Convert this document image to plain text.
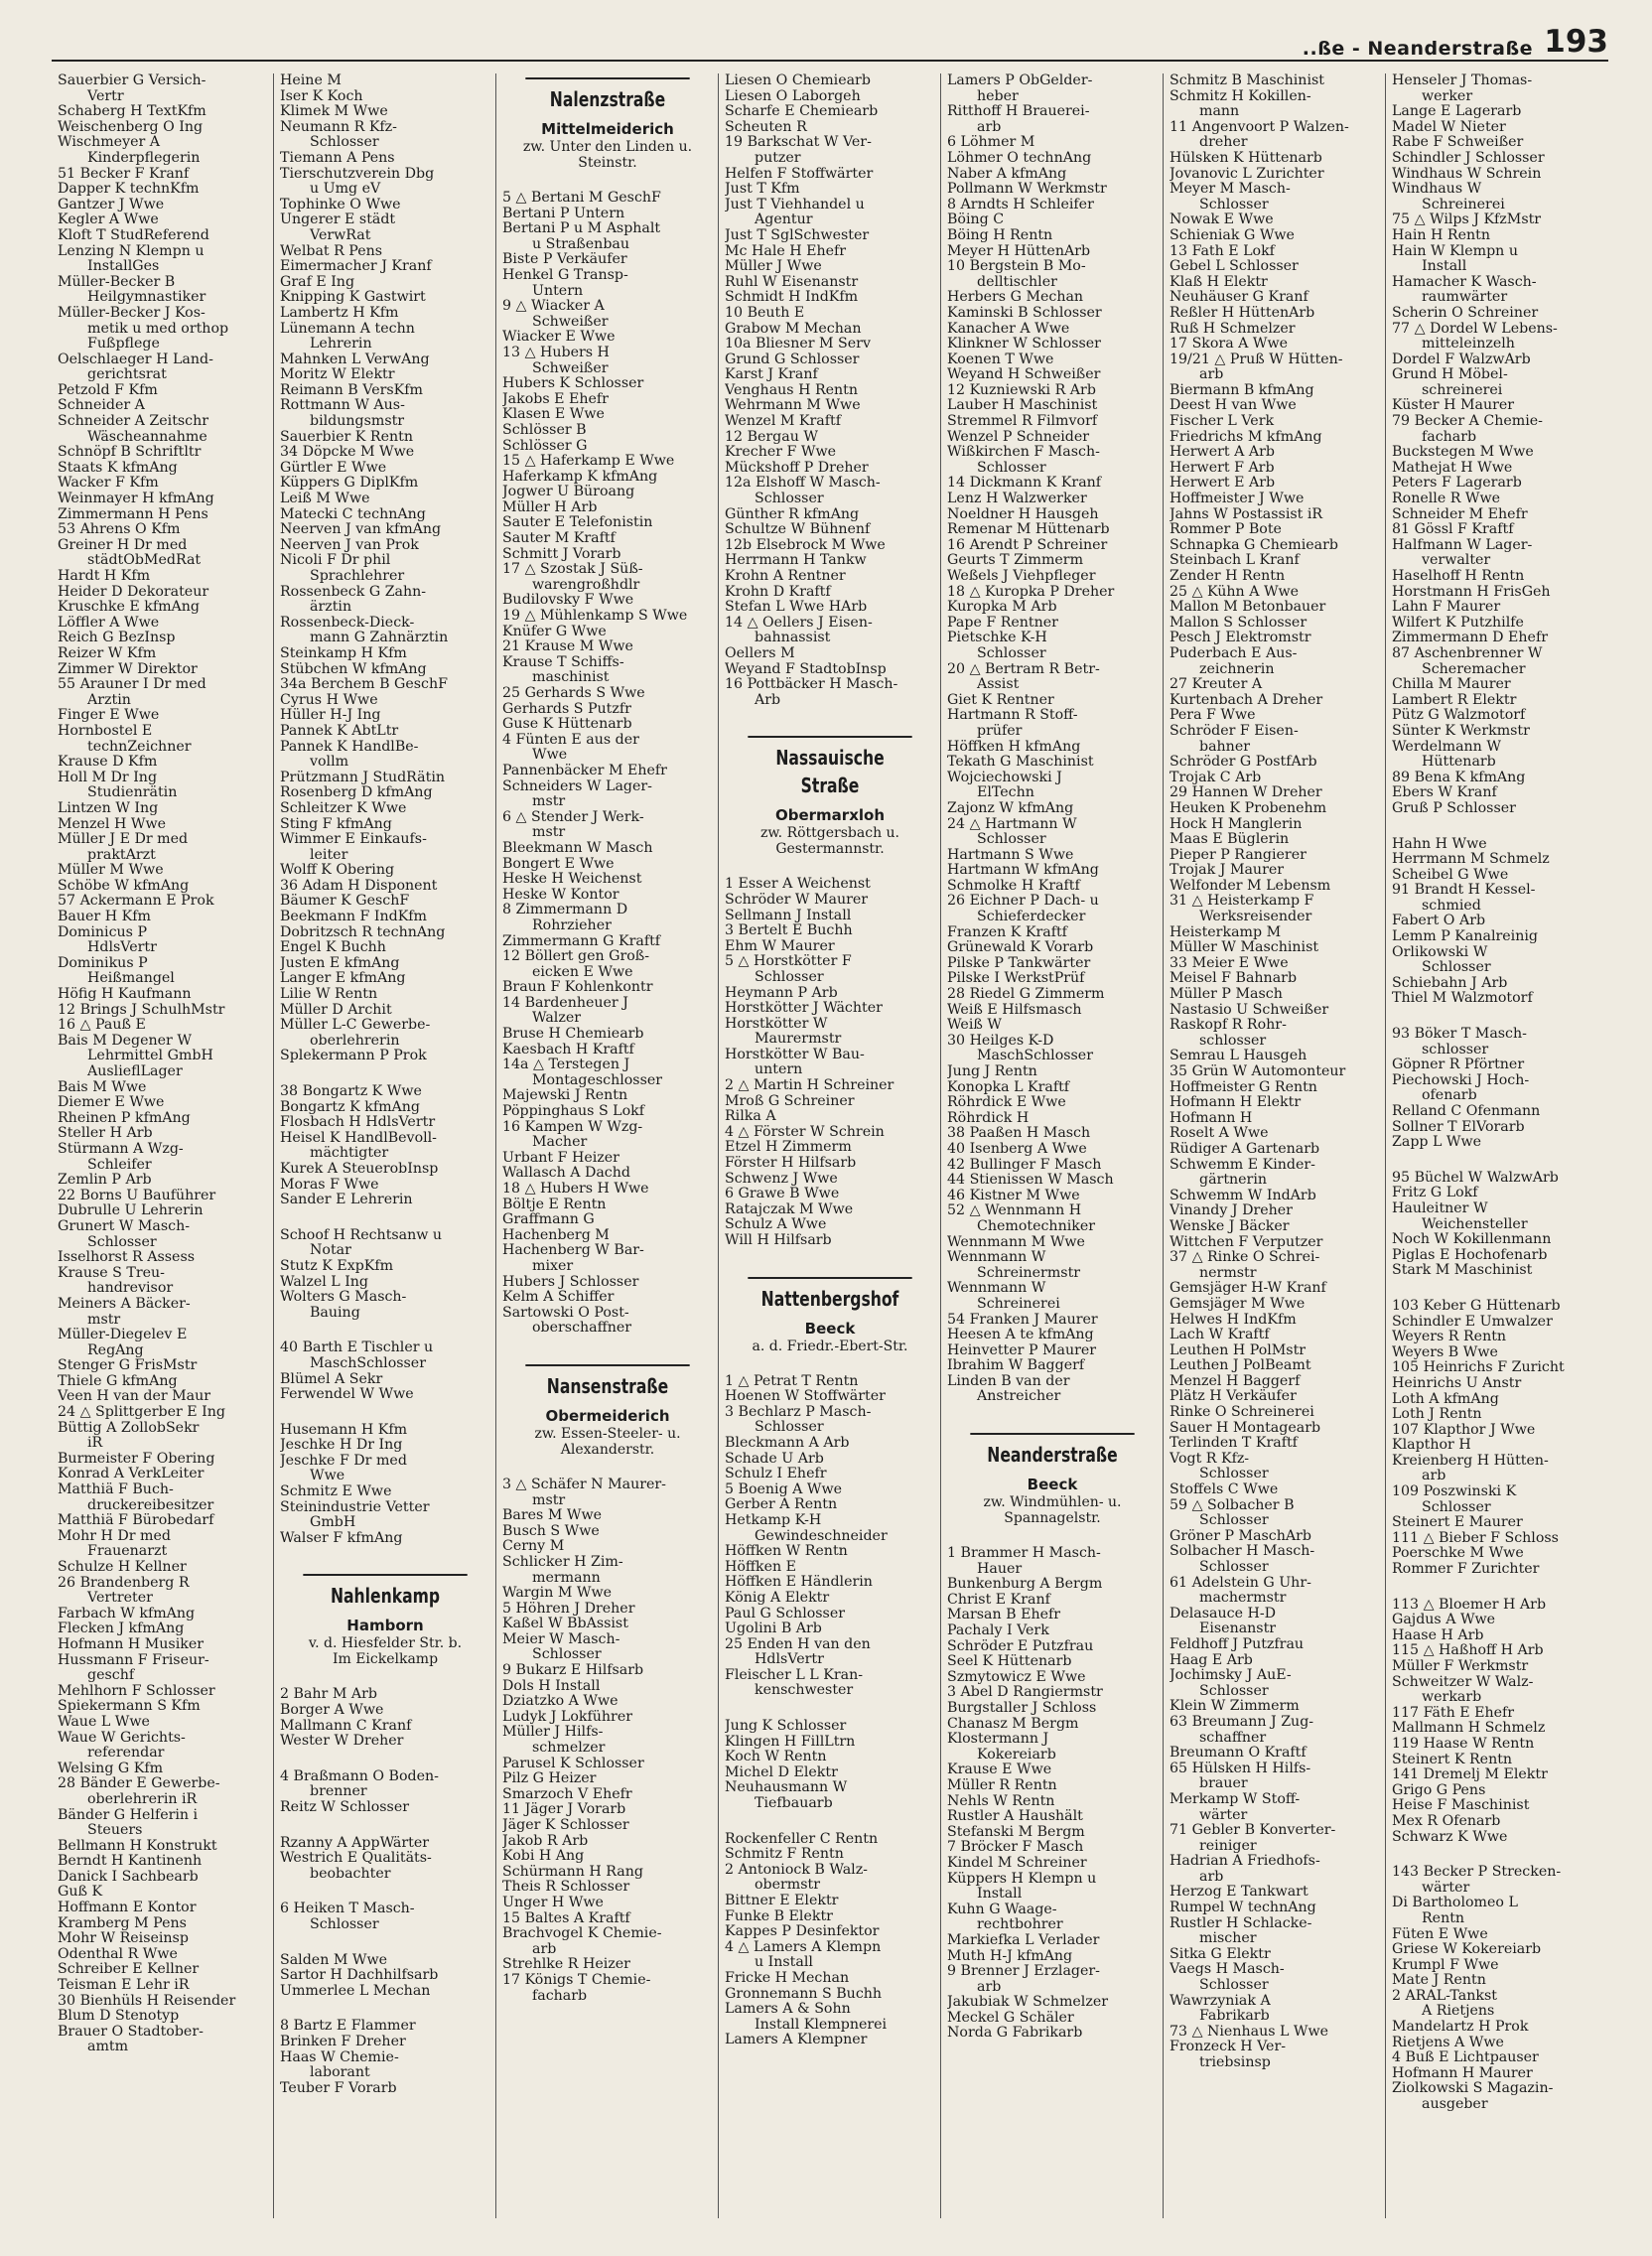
..ße - Neanderstraße 193
Sauerbier G Versich-
Vertr
Schaberg H TextKfm
Weischenberg O Ing
Wischmeyer A
Kinderpflegerin
51 Becker F Kranf
Dapper K technKfm
Gantzer J Wwe
Kegler A Wwe
Kloft T StudReferend
Lenzing N Klempn u
InstallGes
Müller-Becker B
Heilgymnastiker
Müller-Becker J Kos-
metik u med orthop
Fußpflege
Oelschlaeger H Land-
gerichtsrat
Petzold F Kfm
Schneider A
Schneider A Zeitschr
Wäscheannahme
Schnöpf B Schriftltr
Staats K kfmAng
Wacker F Kfm
Weinmayer H kfmAng
Zimmermann H Pens
53 Ahrens O Kfm
Greiner H Dr med
städtObMedRat
Hardt H Kfm
Heider D Dekorateur
Kruschke E kfmAng
Löffler A Wwe
Reich G BezInsp
Reizer W Kfm
Zimmer W Direktor
55 Arauner I Dr med
Ärztin
Finger E Wwe
Hornbostel E
technZeichner
Krause D Kfm
Holl M Dr Ing
Studienrätin
Lintzen W Ing
Menzel H Wwe
Müller J E Dr med
praktArzt
Müller M Wwe
Schöbe W kfmAng
57 Ackermann E Prok
Bauer H Kfm
Dominicus P
HdlsVertr
Dominikus P
Heißmangel
Höfig H Kaufmann
12 Brings J SchulhMstr
16 △ Pauß E
Bais M Degener W
Lehrmittel GmbH
AuslieflLager
Bais M Wwe
Diemer E Wwe
Rheinen P kfmAng
Steller H Arb
Stürmann A Wzg-
Schleifer
Zemlin P Arb
22 Borns U Bauführer
Dubrulle U Lehrerin
Grunert W Masch-
Schlosser
Isselhorst R Assess
Krause S Treu-
handrevisor
Meiners A Bäcker-
mstr
Müller-Diegelev E
RegAng
Stenger G FrisMstr
Thiele G kfmAng
Veen H van der Maur
24 △ Splittgerber E Ing
Büttig A ZollobSekr
iR
Burmeister F Obering
Konrad A VerkLeiter
Matthiä F Buch-
druckereibesitzer
Matthiä F Bürobedarf
Mohr H Dr med
Frauenarzt
Schulze H Kellner
26 Brandenberg R
Vertreter
Farbach W kfmAng
Flecken J kfmAng
Hofmann H Musiker
Hussmann F Friseur-
geschf
Mehlhorn F Schlosser
Spiekermann S Kfm
Waue L Wwe
Waue W Gerichts-
referendar
Welsing G Kfm
28 Bänder E Gewerbe-
oberlehrerin iR
Bänder G Helferin i
Steuers
Bellmann H Konstrukt
Berndt H Kantinenh
Danick I Sachbearb
Guß K
Hoffmann E Kontor
Kramberg M Pens
Mohr W Reiseinsp
Odenthal R Wwe
Schreiber E Kellner
Teisman E Lehr iR
30 Bienhüls H Reisender
Blum D Stenotyp
Brauer O Stadtober-
amtm
Heine M
Iser K Koch
Klimek M Wwe
Neumann R Kfz-
Schlosser
Tiemann A Pens
Tierschutzverein Dbg
u Umg eV
Tophinke O Wwe
Ungerer E städt
VerwRat
Welbat R Pens
Eimermacher J Kranf
Graf E Ing
Knipping K Gastwirt
Lambertz H Kfm
Lünemann A techn
Lehrerin
Mahnken L VerwAng
Moritz W Elektr
Reimann B VersKfm
Rottmann W Aus-
bildungsmstr
Sauerbier K Rentn
34 Döpcke M Wwe
Gürtler E Wwe
Küppers G DiplKfm
Leiß M Wwe
Matecki C technAng
Neerven J van kfmAng
Neerven J van Prok
Nicoli F Dr phil
Sprachlehrer
Rossenbeck G Zahn-
ärztin
Rossenbeck-Dieck-
mann G Zahnärztin
Steinkamp H Kfm
Stübchen W kfmAng
34a Berchem B GeschF
Cyrus H Wwe
Hüller H-J Ing
Pannek K AbtLtr
Pannek K HandlBe-
vollm
Prützmann J StudRätin
Rosenberg D kfmAng
Schleitzer K Wwe
Sting F kfmAng
Wimmer E Einkaufs-
leiter
Wolff K Obering
36 Adam H Disponent
Bäumer K GeschF
Beekmann F IndKfm
Dobritzsch R technAng
Engel K Buchh
Justen E kfmAng
Langer E kfmAng
Lilie W Rentn
Müller D Archit
Müller L-C Gewerbe-
oberlehrerin
Splekermann P Prok
38 Bongartz K Wwe
Bongartz K kfmAng
Flosbach H HdlsVertr
Heisel K HandlBevoll-
mächtigter
Kurek A SteuerobInsp
Moras F Wwe
Sander E Lehrerin
Schoof H Rechtsanw u
Notar
Stutz K ExpKfm
Walzel L Ing
Wolters G Masch-
Bauing
40 Barth E Tischler u
MaschSchlosser
Blümel A Sekr
Ferwendel W Wwe
Husemann H Kfm
Jeschke H Dr Ing
Jeschke F Dr med
Wwe
Schmitz E Wwe
Steinindustrie Vetter
GmbH
Walser F kfmAng
Nahlenkamp
Hamborn
v. d. Hiesfelder Str. b.
Im Eickelkamp
2 Bahr M Arb
Borger A Wwe
Mallmann C Kranf
Wester W Dreher
4 Braßmann O Boden-
brenner
Reitz W Schlosser
Rzanny A AppWärter
Westrich E Qualitäts-
beobachter
6 Heiken T Masch-
Schlosser
Salden M Wwe
Sartor H Dachhilfsarb
Ummerlee L Mechan
8 Bartz E Flammer
Brinken F Dreher
Haas W Chemie-
laborant
Teuber F Vorarb
Nalenzstraße
Mittelmeiderich
zw. Unter den Linden u.
Steinstr.
5 △ Bertani M GeschF
Bertani P Untern
Bertani P u M Asphalt
u Straßenbau
Biste P Verkäufer
Henkel G Transp-
Untern
9 △ Wiacker A
Schweißer
Wiacker E Wwe
13 △ Hubers H
Schweißer
Hubers K Schlosser
Jakobs E Ehefr
Klasen E Wwe
Schlösser B
Schlösser G
15 △ Haferkamp E Wwe
Haferkamp K kfmAng
Jogwer U Büroang
Müller H Arb
Sauter E Telefonistin
Sauter M Kraftf
Schmitt J Vorarb
17 △ Szostak J Süß-
warengroßhdlr
Budilovsky F Wwe
19 △ Mühlenkamp S Wwe
Knüfer G Wwe
21 Krause M Wwe
Krause T Schiffs-
maschinist
25 Gerhards S Wwe
Gerhards S Putzfr
Guse K Hüttenarb
4 Fünten E aus der
Wwe
Pannenbäcker M Ehefr
Schneiders W Lager-
mstr
6 △ Stender J Werk-
mstr
Bleekmann W Masch
Bongert E Wwe
Heske H Weichenst
Heske W Kontor
8 Zimmermann D
Rohrzieher
Zimmermann G Kraftf
12 Böllert gen Groß-
eicken E Wwe
Braun F Kohlenkontr
14 Bardenheuer J
Walzer
Bruse H Chemiearb
Kaesbach H Kraftf
14a △ Terstegen J
Montageschlosser
Majewski J Rentn
Pöppinghaus S Lokf
16 Kampen W Wzg-
Macher
Urbant F Heizer
Wallasch A Dachd
18 △ Hubers H Wwe
Böltje E Rentn
Graffmann G
Hachenberg M
Hachenberg W Bar-
mixer
Hubers J Schlosser
Kelm A Schiffer
Sartowski O Post-
oberschaffner
Nansenstraße
Obermeiderich
zw. Essen-Steeler- u.
Alexanderstr.
3 △ Schäfer N Maurer-
mstr
Bares M Wwe
Busch S Wwe
Cerny M
Schlicker H Zim-
mermann
Wargin M Wwe
5 Höhren J Dreher
Kaßel W BbAssist
Meier W Masch-
Schlosser
9 Bukarz E Hilfsarb
Dols H Install
Dziatzko A Wwe
Ludyk J Lokführer
Müller J Hilfs-
schmelzer
Parusel K Schlosser
Pilz G Heizer
Smarzoch V Ehefr
11 Jäger J Vorarb
Jäger K Schlosser
Jakob R Arb
Kobi H Ang
Schürmann H Rang
Theis R Schlosser
Unger H Wwe
15 Baltes A Kraftf
Brachvogel K Chemie-
arb
Strehlke R Heizer
17 Königs T Chemie-
facharb
Liesen O Chemiearb
Liesen O Laborgeh
Scharfe E Chemiearb
Scheuten R
19 Barkschat W Ver-
putzer
Helfen F Stoffwärter
Just T Kfm
Just T Viehhandel u
Agentur
Just T SglSchwester
Mc Hale H Ehefr
Müller J Wwe
Ruhl W Eisenanstr
Schmidt H IndKfm
10 Beuth E
Grabow M Mechan
10a Bliesner M Serv
Grund G Schlosser
Karst J Kranf
Venghaus H Rentn
Wehrmann M Wwe
Wenzel M Kraftf
12 Bergau W
Krecher F Wwe
Mückshoff P Dreher
12a Elshoff W Masch-
Schlosser
Günther R kfmAng
Schultze W Bühnenf
12b Elsebrock M Wwe
Herrmann H Tankw
Krohn A Rentner
Krohn D Kraftf
Stefan L Wwe HArb
14 △ Oellers J Eisen-
bahnassist
Oellers M
Weyand F StadtobInsp
16 Pottbäcker H Masch-
Arb
Nassauische Straße
Obermarxloh
zw. Röttgersbach u.
Gestermannstr.
1 Esser A Weichenst
Schröder W Maurer
Sellmann J Install
3 Bertelt E Buchh
Ehm W Maurer
5 △ Horstkötter F
Schlosser
Heymann P Arb
Horstkötter J Wächter
Horstkötter W
Maurermstr
Horstkötter W Bau-
untern
2 △ Martin H Schreiner
Mroß G Schreiner
Rilka A
4 △ Förster W Schrein
Etzel H Zimmerm
Förster H Hilfsarb
Schwenz J Wwe
6 Grawe B Wwe
Ratajczak M Wwe
Schulz A Wwe
Will H Hilfsarb
Nattenbergshof
Beeck
a. d. Friedr.-Ebert-Str.
1 △ Petrat T Rentn
Hoenen W Stoffwärter
3 Bechlarz P Masch-
Schlosser
Bleckmann A Arb
Schade U Arb
Schulz I Ehefr
5 Boenig A Wwe
Gerber A Rentn
Hetkamp K-H
Gewindeschneider
Höffken W Rentn
Höffken E
Höffken E Händlerin
König A Elektr
Paul G Schlosser
Ugolini B Arb
25 Enden H van den
HdlsVertr
Fleischer L L Kran-
kenschwester
Jung K Schlosser
Klingen H FillLtrn
Koch W Rentn
Michel D Elektr
Neuhausmann W
Tiefbauarb
Rockenfeller C Rentn
Schmitz F Rentn
2 Antoniock B Walz-
obermstr
Bittner E Elektr
Funke B Elektr
Kappes P Desinfektor
4 △ Lamers A Klempn
u Install
Fricke H Mechan
Gronnemann S Buchh
Lamers A & Sohn
Install Klempnerei
Lamers A Klempner
Lamers P ObGelder-
heber
Ritthoff H Brauerei-
arb
6 Löhmer M
Löhmer O technAng
Naber A kfmAng
Pollmann W Werkmstr
8 Arndts H Schleifer
Böing C
Böing H Rentn
Meyer H HüttenArb
10 Bergstein B Mo-
delltischler
Herbers G Mechan
Kaminski B Schlosser
Kanacher A Wwe
Klinkner W Schlosser
Koenen T Wwe
Weyand H Schweißer
12 Kuzniewski R Arb
Lauber H Maschinist
Stremmel R Filmvorf
Wenzel P Schneider
Wißkirchen F Masch-
Schlosser
14 Dickmann K Kranf
Lenz H Walzwerker
Noeldner H Hausgeh
Remenar M Hüttenarb
16 Arendt P Schreiner
Geurts T Zimmerm
Weßels J Viehpfleger
18 △ Kuropka P Dreher
Kuropka M Arb
Pape F Rentner
Pietschke K-H
Schlosser
20 △ Bertram R Betr-
Assist
Giet K Rentner
Hartmann R Stoff-
prüfer
Höffken H kfmAng
Tekath G Maschinist
Wojciechowski J
ElTechn
Zajonz W kfmAng
24 △ Hartmann W
Schlosser
Hartmann S Wwe
Hartmann W kfmAng
Schmolke H Kraftf
26 Eichner P Dach- u
Schieferdecker
Franzen K Kraftf
Grünewald K Vorarb
Pilske P Tankwärter
Pilske I WerkstPrüf
28 Riedel G Zimmerm
Weiß E Hilfsmasch
Weiß W
30 Heilges K-D
MaschSchlosser
Jung J Rentn
Konopka L Kraftf
Röhrdick E Wwe
Röhrdick H
38 Paaßen H Masch
40 Isenberg A Wwe
42 Bullinger F Masch
44 Stienissen W Masch
46 Kistner M Wwe
52 △ Wennmann H
Chemotechniker
Wennmann M Wwe
Wennmann W
Schreinermstr
Wennmann W
Schreinerei
54 Franken J Maurer
Heesen A te kfmAng
Heinvetter P Maurer
Ibrahim W Baggerf
Linden B van der
Anstreicher
Neanderstraße
Beeck
zw. Windmühlen- u.
Spannagelstr.
1 Brammer H Masch-
Hauer
Bunkenburg A Bergm
Christ E Kranf
Marsan B Ehefr
Pachaly I Verk
Schröder E Putzfrau
Seel K Hüttenarb
Szmytowicz E Wwe
3 Abel D Rangiermstr
Burgstaller J Schloss
Chanasz M Bergm
Klostermann J
Kokereiarb
Krause E Wwe
Müller R Rentn
Nehls W Rentn
Rustler A Haushält
Stefanski M Bergm
7 Bröcker F Masch
Kindel M Schreiner
Küppers H Klempn u
Install
Kuhn G Waage-
rechtbohrer
Markiefka L Verlader
Muth H-J kfmAng
9 Brenner J Erzlager-
arb
Jakubiak W Schmelzer
Meckel G Schäler
Norda G Fabrikarb
Schmitz B Maschinist
Schmitz H Kokillen-
mann
11 Angenvoort P Walzen-
dreher
Hülsken K Hüttenarb
Jovanovic L Zurichter
Meyer M Masch-
Schlosser
Nowak E Wwe
Schieniak G Wwe
13 Fath E Lokf
Gebel L Schlosser
Klaß H Elektr
Neuhäuser G Kranf
Reßler H HüttenArb
Ruß H Schmelzer
17 Skora A Wwe
19/21 △ Pruß W Hütten-
arb
Biermann B kfmAng
Deest H van Wwe
Fischer L Verk
Friedrichs M kfmAng
Herwert A Arb
Herwert F Arb
Herwert E Arb
Hoffmeister J Wwe
Jahns W Postassist iR
Rommer P Bote
Schnapka G Chemiearb
Steinbach L Kranf
Zender H Rentn
25 △ Kühn A Wwe
Mallon M Betonbauer
Mallon S Schlosser
Pesch J Elektromstr
Puderbach E Aus-
zeichnerin
27 Kreuter A
Kurtenbach A Dreher
Pera F Wwe
Schröder F Eisen-
bahner
Schröder G PostfArb
Trojak C Arb
29 Hannen W Dreher
Heuken K Probenehm
Hock H Manglerin
Maas E Büglerin
Pieper P Rangierer
Trojak J Maurer
Welfonder M Lebensm
31 △ Heisterkamp F
Werksreisender
Heisterkamp M
Müller W Maschinist
33 Meier E Wwe
Meisel F Bahnarb
Müller P Masch
Nastasio U Schweißer
Raskopf R Rohr-
schlosser
Semrau L Hausgeh
35 Grün W Automonteur
Hoffmeister G Rentn
Hofmann H Elektr
Hofmann H
Roselt A Wwe
Rüdiger A Gartenarb
Schwemm E Kinder-
gärtnerin
Schwemm W IndArb
Vinandy J Dreher
Wenske J Bäcker
Wittchen F Verputzer
37 △ Rinke O Schrei-
nermstr
Gemsjäger H-W Kranf
Gemsjäger M Wwe
Helwes H IndKfm
Lach W Kraftf
Leuthen H PolMstr
Leuthen J PolBeamt
Menzel H Baggerf
Plätz H Verkäufer
Rinke O Schreinerei
Sauer H Montagearb
Terlinden T Kraftf
Vogt R Kfz-
Schlosser
Stoffels C Wwe
59 △ Solbacher B
Schlosser
Gröner P MaschArb
Solbacher H Masch-
Schlosser
61 Adelstein G Uhr-
machermstr
Delasauce H-D
Eisenanstr
Feldhoff J Putzfrau
Haag E Arb
Jochimsky J AuE-
Schlosser
Klein W Zimmerm
63 Breumann J Zug-
schaffner
Breumann O Kraftf
65 Hülsken H Hilfs-
brauer
Merkamp W Stoff-
wärter
71 Gebler B Konverter-
reiniger
Hadrian A Friedhofs-
arb
Herzog E Tankwart
Rumpel W technAng
Rustler H Schlacke-
mischer
Sitka G Elektr
Vaegs H Masch-
Schlosser
Wawrzyniak A
Fabrikarb
73 △ Nienhaus L Wwe
Fronzeck H Ver-
triebsinsp
Henseler J Thomas-
werker
Lange E Lagerarb
Madel W Nieter
Rabe F Schweißer
Schindler J Schlosser
Windhaus W Schrein
Windhaus W
Schreinerei
75 △ Wilps J KfzMstr
Hain H Rentn
Hain W Klempn u
Install
Hamacher K Wasch-
raumwärter
Scherin O Schreiner
77 △ Dordel W Lebens-
mitteleinzelh
Dordel F WalzwArb
Grund H Möbel-
schreinerei
Küster H Maurer
79 Becker A Chemie-
facharb
Buckstegen M Wwe
Mathejat H Wwe
Peters F Lagerarb
Ronelle R Wwe
Schneider M Ehefr
81 Gössl F Kraftf
Halfmann W Lager-
verwalter
Haselhoff H Rentn
Horstmann H FrisGeh
Lahn F Maurer
Wilfert K Putzhilfe
Zimmermann D Ehefr
87 Aschenbrenner W
Scheremacher
Chilla M Maurer
Lambert R Elektr
Pütz G Walzmotorf
Sünter K Werkmstr
Werdelmann W
Hüttenarb
89 Bena K kfmAng
Ebers W Kranf
Gruß P Schlosser
Hahn H Wwe
Herrmann M Schmelz
Scheibel G Wwe
91 Brandt H Kessel-
schmied
Fabert O Arb
Lemm P Kanalreinig
Orlikowski W
Schlosser
Schiebahn J Arb
Thiel M Walzmotorf
93 Böker T Masch-
schlosser
Göpner R Pförtner
Piechowski J Hoch-
ofenarb
Relland C Ofenmann
Sollner T ElVorarb
Zapp L Wwe
95 Büchel W WalzwArb
Fritz G Lokf
Hauleitner W
Weichensteller
Noch W Kokillenmann
Piglas E Hochofenarb
Stark M Maschinist
103 Keber G Hüttenarb
Schindler E Umwalzer
Weyers R Rentn
Weyers B Wwe
105 Heinrichs F Zuricht
Heinrichs U Anstr
Loth A kfmAng
Loth J Rentn
107 Klapthor J Wwe
Klapthor H
Kreienberg H Hütten-
arb
109 Poszwinski K
Schlosser
Steinert E Maurer
111 △ Bieber F Schloss
Poerschke M Wwe
Rommer F Zurichter
113 △ Bloemer H Arb
Gajdus A Wwe
Haase H Arb
115 △ Haßhoff H Arb
Müller F Werkmstr
Schweitzer W Walz-
werkarb
117 Fäth E Ehefr
Mallmann H Schmelz
119 Haase W Rentn
Steinert K Rentn
141 Dremelj M Elektr
Grigo G Pens
Heise F Maschinist
Mex R Ofenarb
Schwarz K Wwe
143 Becker P Strecken-
wärter
Di Bartholomeo L
Rentn
Füten E Wwe
Griese W Kokereiarb
Krumpl F Wwe
Mate J Rentn
2 ARAL-Tankst
A Rietjens
Mandelartz H Prok
Rietjens A Wwe
4 Buß E Lichtpauser
Hofmann H Maurer
Ziolkowski S Magazin-
ausgeber
